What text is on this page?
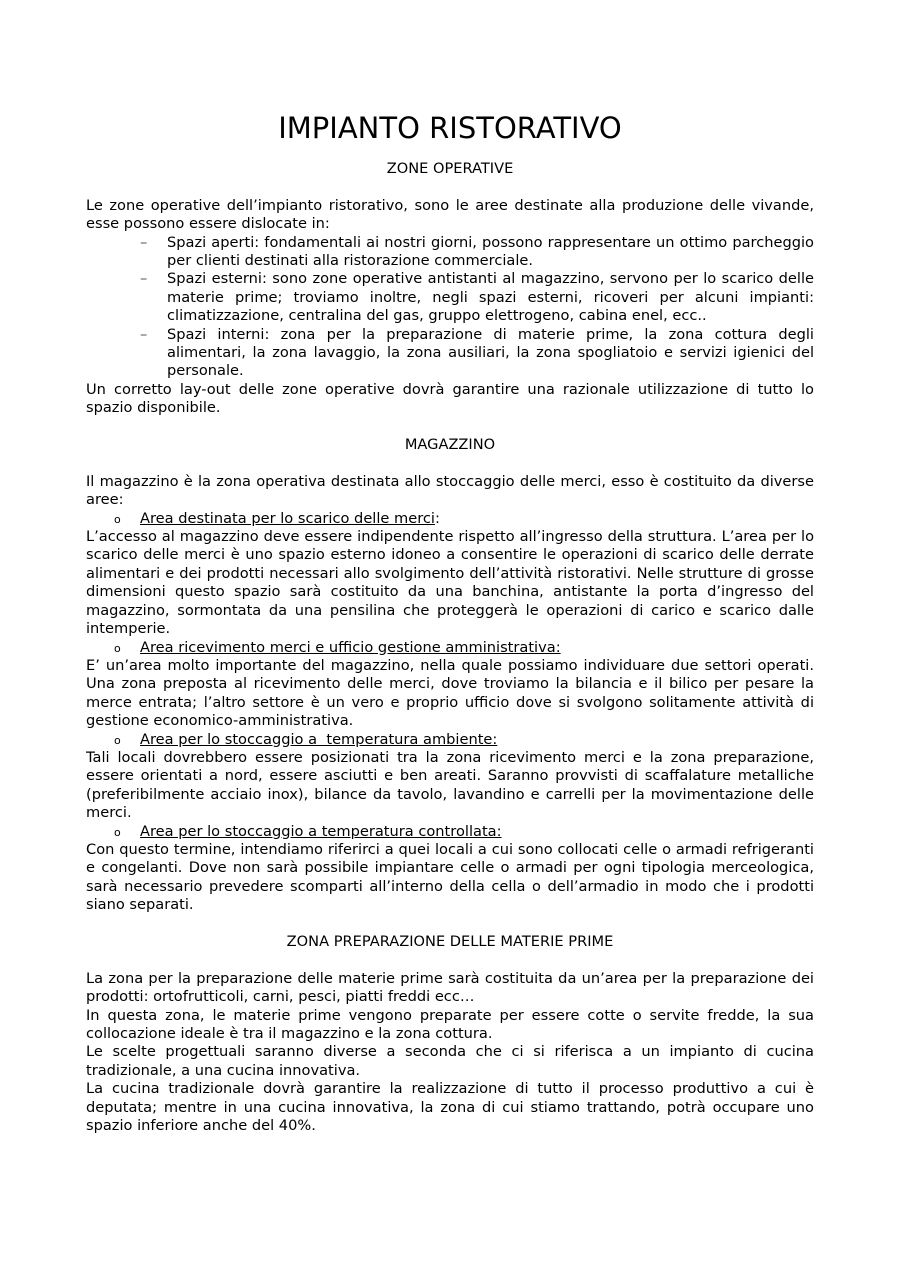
IMPIANTO RISTORATIVO
ZONE OPERATIVE

Le zone operative dell’impianto ristorativo, sono le aree destinate alla produzione delle vivande, esse possono essere dislocate in:

– Spazi aperti: fondamentali ai nostri giorni, possono rappresentare un ottimo parcheggio per clienti destinati alla ristorazione commerciale.
– Spazi esterni: sono zone operative antistanti al magazzino, servono per lo scarico delle materie prime; troviamo inoltre, negli spazi esterni, ricoveri per alcuni impianti: climatizzazione, centralina del gas, gruppo elettrogeno, cabina enel, ecc..
– Spazi interni: zona per la preparazione di materie prime, la zona cottura degli alimentari, la zona lavaggio, la zona ausiliari, la zona spogliatoio e servizi igienici del personale.

Un corretto lay-out delle zone operative dovrà garantire una razionale utilizzazione di tutto lo spazio disponibile.

MAGAZZINO

Il magazzino è la zona operativa destinata allo stoccaggio delle merci, esso è costituito da diverse aree:

o Area destinata per lo scarico delle merci:

L’accesso al magazzino deve essere indipendente rispetto all’ingresso della struttura. L’area per lo scarico delle merci è uno spazio esterno idoneo a consentire le operazioni di scarico delle derrate alimentari e dei prodotti necessari allo svolgimento dell’attività ristorativi. Nelle strutture di grosse dimensioni questo spazio sarà costituito da una banchina, antistante la porta d’ingresso del magazzino, sormontata da una pensilina che proteggerà le operazioni di carico e scarico dalle intemperie.

o Area ricevimento merci e ufficio gestione amministrativa:

E’ un’area molto importante del magazzino, nella quale possiamo individuare due settori operati. Una zona preposta al ricevimento delle merci, dove troviamo la bilancia e il bilico per pesare la merce entrata; l’altro settore è un vero e proprio ufficio dove si svolgono solitamente attività di gestione economico-amministrativa.

o Area per lo stoccaggio a  temperatura ambiente:

Tali locali dovrebbero essere posizionati tra la zona ricevimento merci e la zona preparazione, essere orientati a nord, essere asciutti e ben areati. Saranno provvisti di scaffalature metalliche (preferibilmente acciaio inox), bilance da tavolo, lavandino e carrelli per la movimentazione delle merci.

o Area per lo stoccaggio a temperatura controllata:

Con questo termine, intendiamo riferirci a quei locali a cui sono collocati celle o armadi refrigeranti e congelanti. Dove non sarà possibile impiantare celle o armadi per ogni tipologia merceologica, sarà necessario prevedere scomparti all’interno della cella o dell’armadio in modo che i prodotti siano separati.

ZONA PREPARAZIONE DELLE MATERIE PRIME

La zona per la preparazione delle materie prime sarà costituita da un’area per la preparazione dei prodotti: ortofrutticoli, carni, pesci, piatti freddi ecc…

In questa zona, le materie prime vengono preparate per essere cotte o servite fredde, la sua collocazione ideale è tra il magazzino e la zona cottura.

Le scelte progettuali saranno diverse a seconda che ci si riferisca a un impianto di cucina tradizionale, a una cucina innovativa.

La cucina tradizionale dovrà garantire la realizzazione di tutto il processo produttivo a cui è deputata; mentre in una cucina innovativa, la zona di cui stiamo trattando, potrà occupare uno spazio inferiore anche del 40%.
